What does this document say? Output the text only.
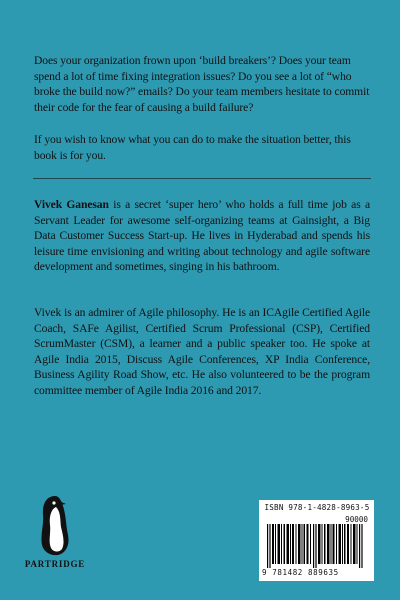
Does your organization frown upon ‘build breakers’? Does your team spend a lot of time fixing integration issues? Do you see a lot of “who broke the build now?” emails? Do your team members hesitate to commit their code for the fear of causing a build failure?
If you wish to know what you can do to make the situation better, this book is for you.
Vivek Ganesan is a secret ‘super hero’ who holds a full time job as a Servant Leader for awesome self-organizing teams at Gainsight, a Big Data Customer Success Start-up. He lives in Hyderabad and spends his leisure time envisioning and writing about technology and agile software development and sometimes, singing in his bathroom.
Vivek is an admirer of Agile philosophy. He is an ICAgile Certified Agile Coach, SAFe Agilist, Certified Scrum Professional (CSP), Certified ScrumMaster (CSM), a learner and a public speaker too. He spoke at Agile India 2015, Discuss Agile Conferences, XP India Conference, Business Agility Road Show, etc. He also volunteered to be the program committee member of Agile India 2016 and 2017.
PARTRIDGE
ISBN 978-1-4828-8963-5
90000
9 781482 889635
